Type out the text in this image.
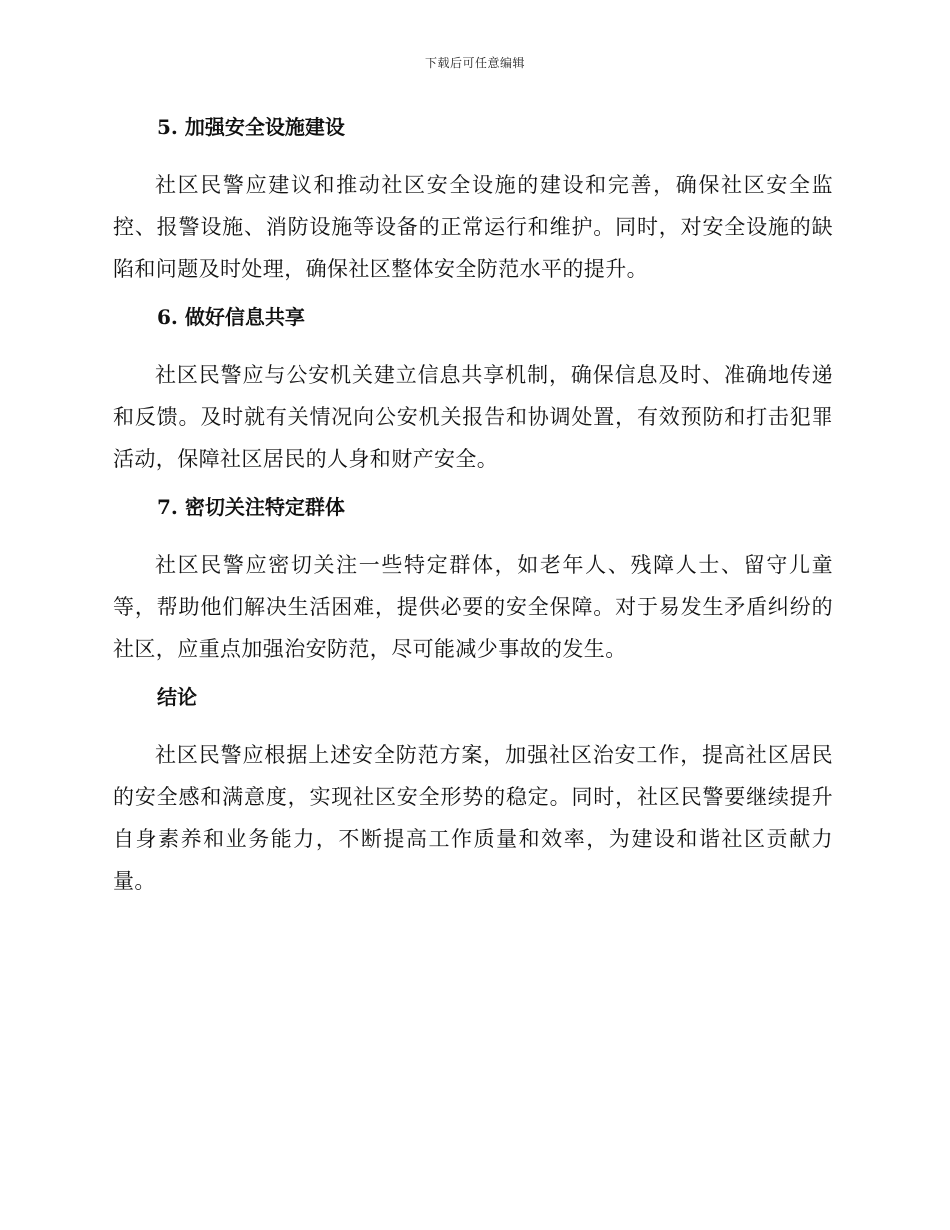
下载后可任意编辑
5. 加强安全设施建设

社区民警应建议和推动社区安全设施的建设和完善，确保社区安全监控、报警设施、消防设施等设备的正常运行和维护。同时，对安全设施的缺陷和问题及时处理，确保社区整体安全防范水平的提升。

6. 做好信息共享

社区民警应与公安机关建立信息共享机制，确保信息及时、准确地传递和反馈。及时就有关情况向公安机关报告和协调处置，有效预防和打击犯罪活动，保障社区居民的人身和财产安全。

7. 密切关注特定群体

社区民警应密切关注一些特定群体，如老年人、残障人士、留守儿童等，帮助他们解决生活困难，提供必要的安全保障。对于易发生矛盾纠纷的社区，应重点加强治安防范，尽可能减少事故的发生。

结论

社区民警应根据上述安全防范方案，加强社区治安工作，提高社区居民的安全感和满意度，实现社区安全形势的稳定。同时，社区民警要继续提升自身素养和业务能力，不断提高工作质量和效率，为建设和谐社区贡献力量。
